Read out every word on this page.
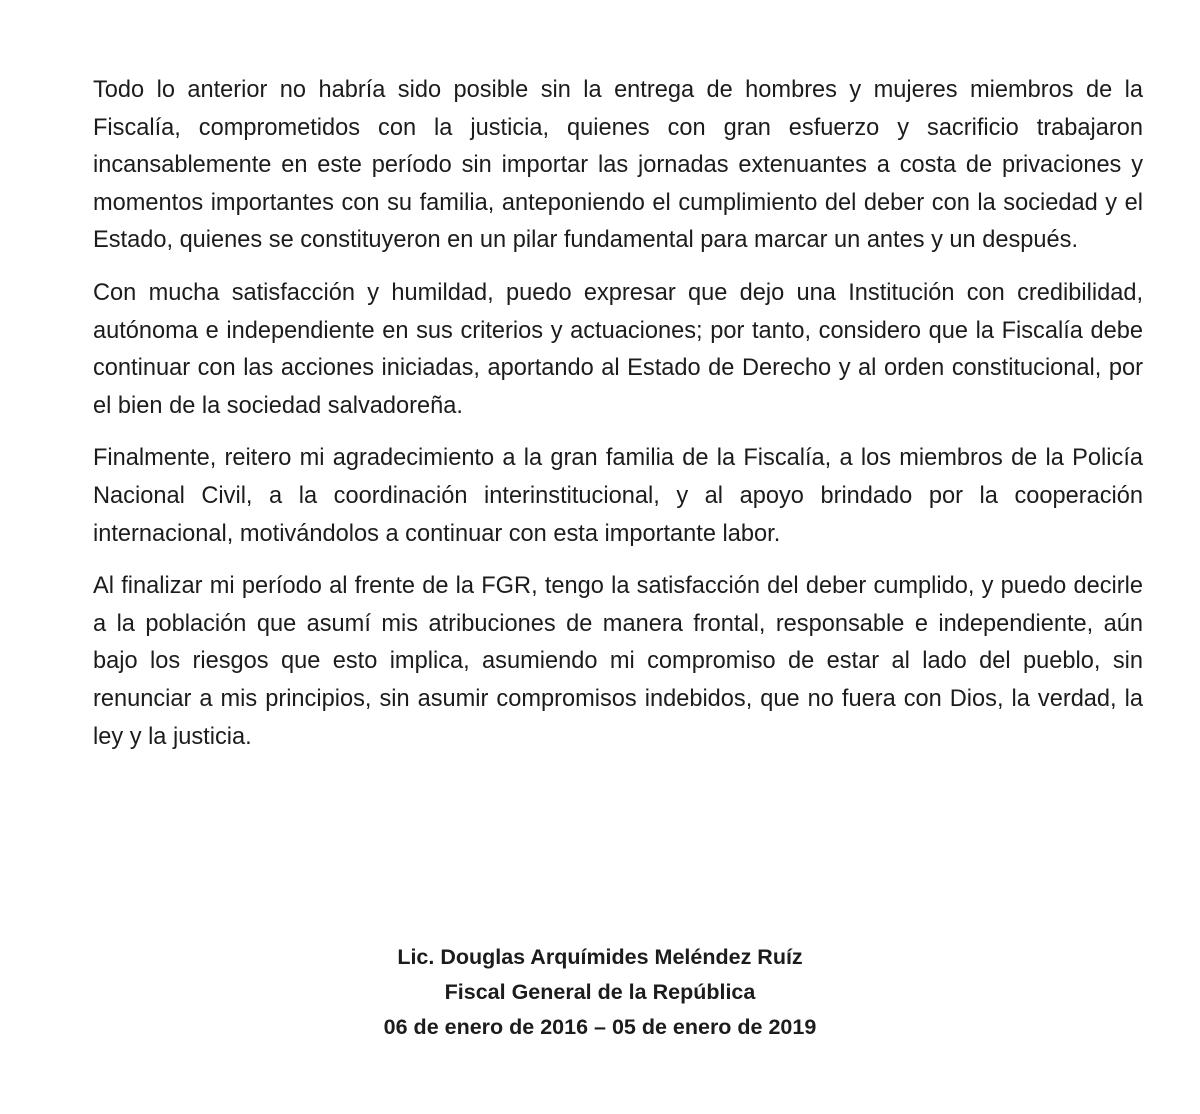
Todo lo anterior no habría sido posible sin la entrega de hombres y mujeres miembros de la Fiscalía, comprometidos con la justicia, quienes con gran esfuerzo y sacrificio trabajaron incansablemente en este período sin importar las jornadas extenuantes a costa de privaciones y momentos importantes con su familia, anteponiendo el cumplimiento del deber con la sociedad y el Estado, quienes se constituyeron en un pilar fundamental para marcar un antes y un después.

Con mucha satisfacción y humildad, puedo expresar que dejo una Institución con credibilidad, autónoma e independiente en sus criterios y actuaciones; por tanto, considero que la Fiscalía debe continuar con las acciones iniciadas, aportando al Estado de Derecho y al orden constitucional, por el bien de la sociedad salvadoreña.

Finalmente, reitero mi agradecimiento a la gran familia de la Fiscalía, a los miembros de la Policía Nacional Civil, a la coordinación interinstitucional, y al apoyo brindado por la cooperación internacional, motivándolos a continuar con esta importante labor.

Al finalizar mi período al frente de la FGR, tengo la satisfacción del deber cumplido, y puedo decirle a la población que asumí mis atribuciones de manera frontal, responsable e independiente, aún bajo los riesgos que esto implica, asumiendo mi compromiso de estar al lado del pueblo, sin renunciar a mis principios, sin asumir compromisos indebidos, que no fuera con Dios, la verdad, la ley y la justicia.

Lic. Douglas Arquímides Meléndez Ruíz
Fiscal General de la República
06 de enero de 2016 – 05 de enero de 2019
